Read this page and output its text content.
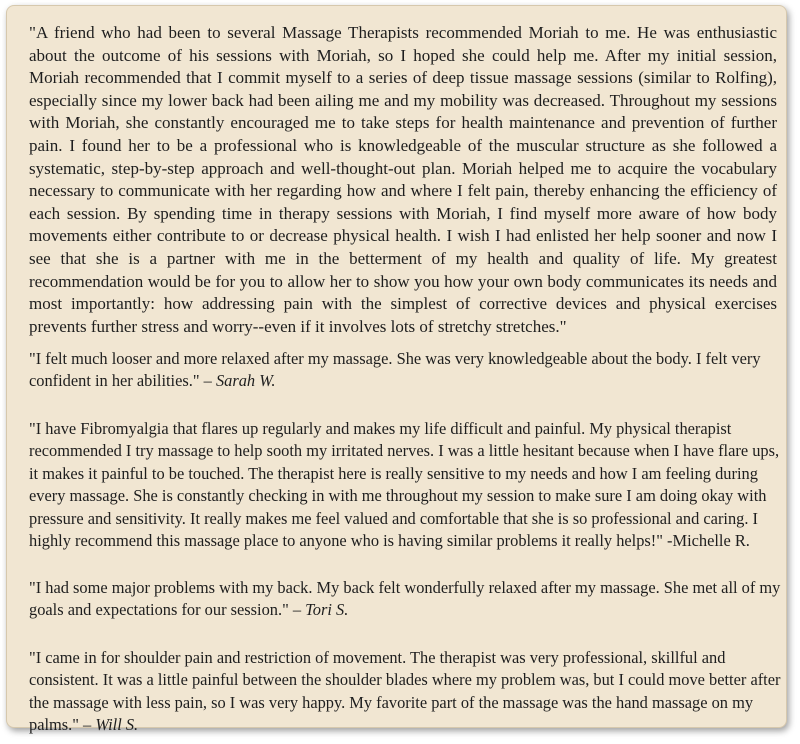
"A friend who had been to several Massage Therapists recommended Moriah to me. He was enthusiastic about the outcome of his sessions with Moriah, so I hoped she could help me. After my initial session, Moriah recommended that I commit myself to a series of deep tissue massage sessions (similar to Rolfing), especially since my lower back had been ailing me and my mobility was decreased. Throughout my sessions with Moriah, she constantly encouraged me to take steps for health maintenance and prevention of further pain. I found her to be a professional who is knowledgeable of the muscular structure as she followed a systematic, step-by-step approach and well-thought-out plan. Moriah helped me to acquire the vocabulary necessary to communicate with her regarding how and where I felt pain, thereby enhancing the efficiency of each session. By spending time in therapy sessions with Moriah, I find myself more aware of how body movements either contribute to or decrease physical health. I wish I had enlisted her help sooner and now I see that she is a partner with me in the betterment of my health and quality of life. My greatest recommendation would be for you to allow her to show you how your own body communicates its needs and most importantly: how addressing pain with the simplest of corrective devices and physical exercises prevents further stress and worry--even if it involves lots of stretchy stretches."

"I felt much looser and more relaxed after my massage. She was very knowledgeable about the body. I felt very confident in her abilities." – Sarah W.

"I have Fibromyalgia that flares up regularly and makes my life difficult and painful. My physical therapist recommended I try massage to help sooth my irritated nerves. I was a little hesitant because when I have flare ups, it makes it painful to be touched. The therapist here is really sensitive to my needs and how I am feeling during every massage. She is constantly checking in with me throughout my session to make sure I am doing okay with pressure and sensitivity. It really makes me feel valued and comfortable that she is so professional and caring. I highly recommend this massage place to anyone who is having similar problems it really helps!" -Michelle R.

"I had some major problems with my back. My back felt wonderfully relaxed after my massage. She met all of my goals and expectations for our session." – Tori S.

"I came in for shoulder pain and restriction of movement. The therapist was very professional, skillful and consistent. It was a little painful between the shoulder blades where my problem was, but I could move better after the massage with less pain, so I was very happy. My favorite part of the massage was the hand massage on my palms." – Will S.
